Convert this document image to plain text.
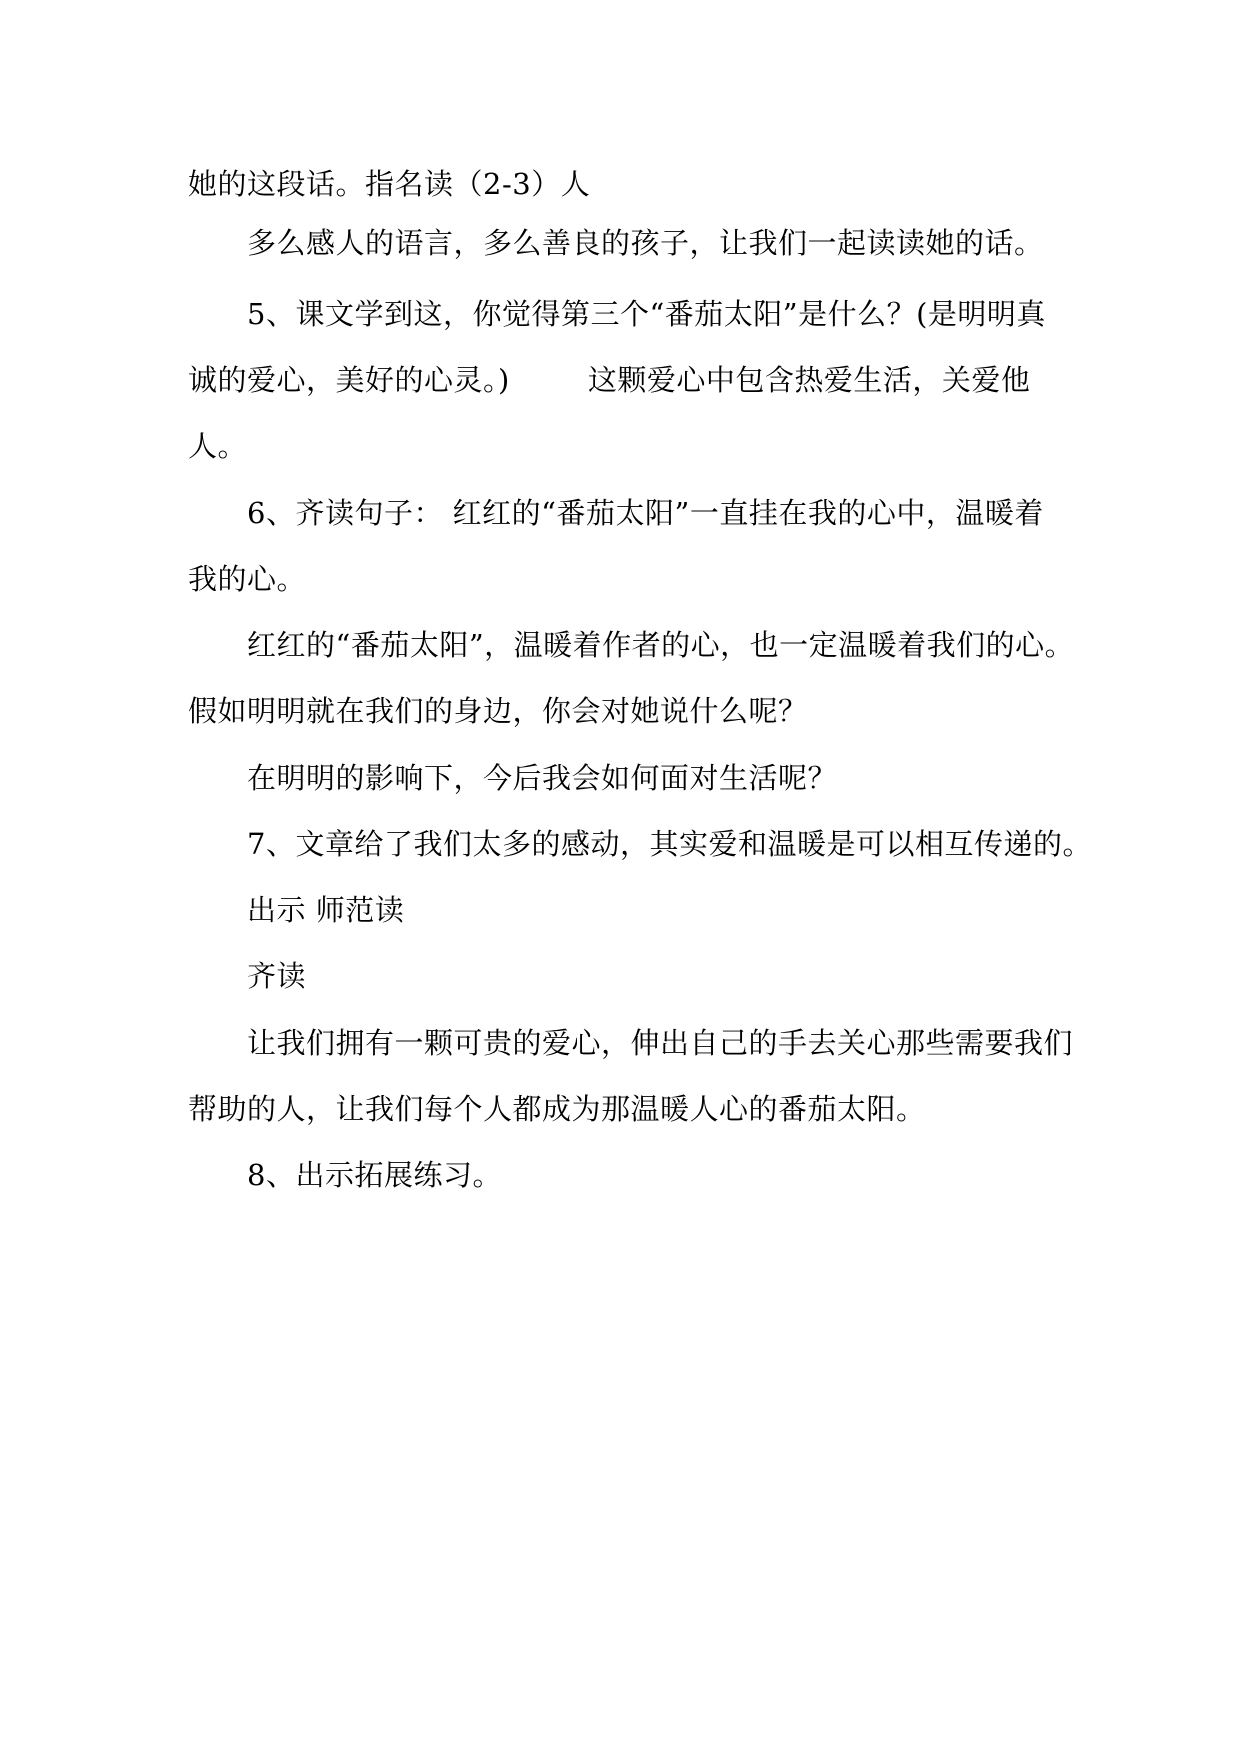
她的这段话。指名读（2-3）人
多么感人的语言，多么善良的孩子，让我们一起读读她的话。
5、课文学到这，你觉得第三个“番茄太阳”是什么？(是明明真
诚的爱心，美好的心灵。)	这颗爱心中包含热爱生活，关爱他
人。
6、齐读句子： 红红的“番茄太阳”一直挂在我的心中，温暖着
我的心。
红红的“番茄太阳”，温暖着作者的心，也一定温暖着我们的心。
假如明明就在我们的身边，你会对她说什么呢？
在明明的影响下，今后我会如何面对生活呢？
7、文章给了我们太多的感动，其实爱和温暖是可以相互传递的。
出示 师范读
齐读
让我们拥有一颗可贵的爱心，伸出自己的手去关心那些需要我们
帮助的人，让我们每个人都成为那温暖人心的番茄太阳。
8、出示拓展练习。
